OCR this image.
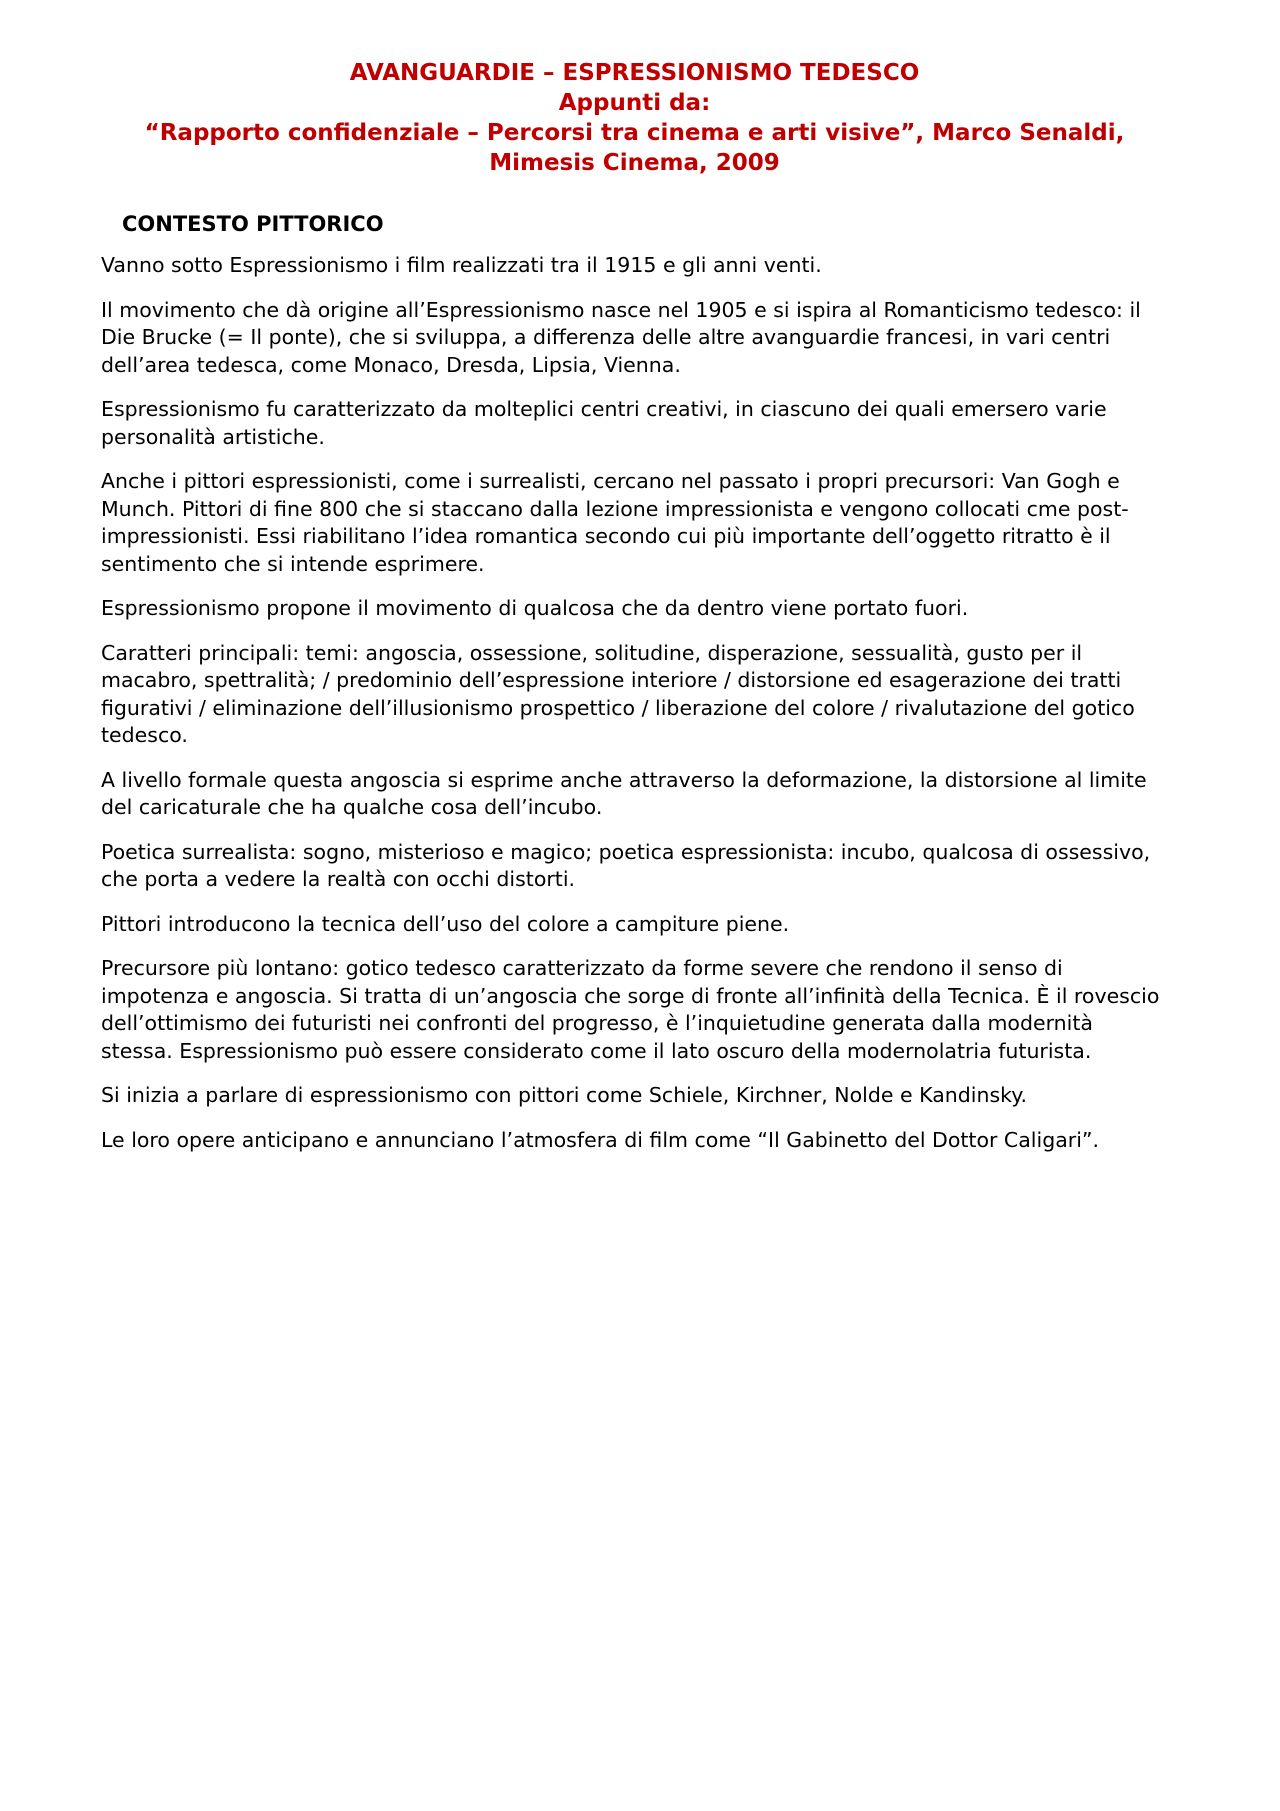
AVANGUARDIE – ESPRESSIONISMO TEDESCO
Appunti da:
“Rapporto confidenziale – Percorsi tra cinema e arti visive”, Marco Senaldi,
Mimesis Cinema, 2009
CONTESTO PITTORICO

Vanno sotto Espressionismo i film realizzati tra il 1915 e gli anni venti.

Il movimento che dà origine all’Espressionismo nasce nel 1905 e si ispira al Romanticismo tedesco: il Die Brucke (= Il ponte), che si sviluppa, a differenza delle altre avanguardie francesi, in vari centri dell’area tedesca, come Monaco, Dresda, Lipsia, Vienna.

Espressionismo fu caratterizzato da molteplici centri creativi, in ciascuno dei quali emersero varie personalità artistiche.

Anche i pittori espressionisti, come i surrealisti, cercano nel passato i propri precursori: Van Gogh e Munch. Pittori di fine 800 che si staccano dalla lezione impressionista e vengono collocati cme post-impressionisti. Essi riabilitano l’idea romantica secondo cui più importante dell’oggetto ritratto è il sentimento che si intende esprimere.

Espressionismo propone il movimento di qualcosa che da dentro viene portato fuori.

Caratteri principali: temi: angoscia, ossessione, solitudine, disperazione, sessualità, gusto per il macabro, spettralità; / predominio dell’espressione interiore / distorsione ed esagerazione dei tratti figurativi / eliminazione dell’illusionismo prospettico / liberazione del colore / rivalutazione del gotico tedesco.

A livello formale questa angoscia si esprime anche attraverso la deformazione, la distorsione al limite del caricaturale che ha qualche cosa dell’incubo.

Poetica surrealista: sogno, misterioso e magico; poetica espressionista: incubo, qualcosa di ossessivo, che porta a vedere la realtà con occhi distorti.

Pittori introducono la tecnica dell’uso del colore a campiture piene.

Precursore più lontano: gotico tedesco caratterizzato da forme severe che rendono il senso di impotenza e angoscia. Si tratta di un’angoscia che sorge di fronte all’infinità della Tecnica. È il rovescio dell’ottimismo dei futuristi nei confronti del progresso, è l’inquietudine generata dalla modernità stessa. Espressionismo può essere considerato come il lato oscuro della modernolatria futurista.

Si inizia a parlare di espressionismo con pittori come Schiele, Kirchner, Nolde e Kandinsky.

Le loro opere anticipano e annunciano l’atmosfera di film come “Il Gabinetto del Dottor Caligari”.
